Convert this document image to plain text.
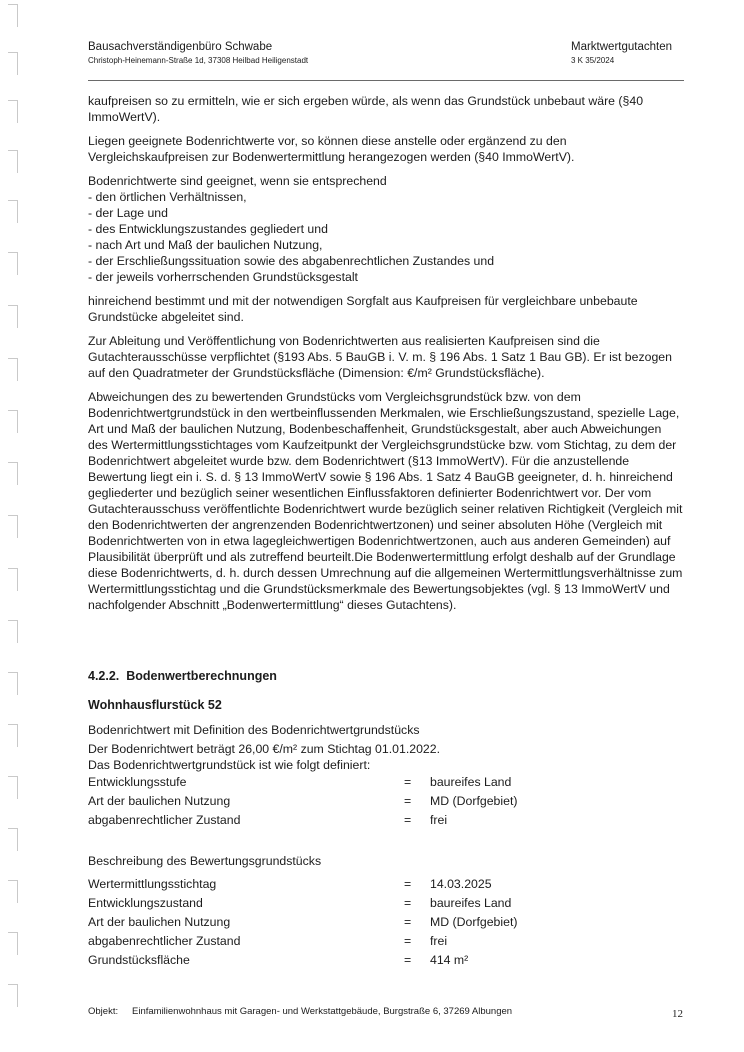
Bausachverständigenbüro Schwabe
Christoph-Heinemann-Straße 1d, 37308 Heilbad Heiligenstadt
Marktwertgutachten
3 K 35/2024

kaufpreisen so zu ermitteln, wie er sich ergeben würde, als wenn das Grundstück unbebaut wäre (§40 ImmoWertV).

Liegen geeignete Bodenrichtwerte vor, so können diese anstelle oder ergänzend zu den Vergleichskaufpreisen zur Bodenwertermittlung herangezogen werden (§40 ImmoWertV).

Bodenrichtwerte sind geeignet, wenn sie entsprechend
- den örtlichen Verhältnissen,
- der Lage und
- des Entwicklungszustandes gegliedert und
- nach Art und Maß der baulichen Nutzung,
- der Erschließungssituation sowie des abgabenrechtlichen Zustandes und
- der jeweils vorherrschenden Grundstücksgestalt

hinreichend bestimmt und mit der notwendigen Sorgfalt aus Kaufpreisen für vergleichbare unbebaute Grundstücke abgeleitet sind.

Zur Ableitung und Veröffentlichung von Bodenrichtwerten aus realisierten Kaufpreisen sind die Gutachterausschüsse verpflichtet (§193 Abs. 5 BauGB i. V. m. § 196 Abs. 1 Satz 1 Bau GB). Er ist bezogen auf den Quadratmeter der Grundstücksfläche (Dimension: €/m² Grundstücksfläche).

Abweichungen des zu bewertenden Grundstücks vom Vergleichsgrundstück bzw. von dem Bodenrichtwertgrundstück in den wertbeinflussenden Merkmalen, wie Erschließungszustand, spezielle Lage, Art und Maß der baulichen Nutzung, Bodenbeschaffenheit, Grundstücksgestalt, aber auch Abweichungen des Wertermittlungsstichtages vom Kaufzeitpunkt der Vergleichsgrundstücke bzw. vom Stichtag, zu dem der Bodenrichtwert abgeleitet wurde bzw. dem Bodenrichtwert (§13 ImmoWertV). Für die anzustellende Bewertung liegt ein i. S. d. § 13 ImmoWertV sowie § 196 Abs. 1 Satz 4 BauGB geeigneter, d. h. hinreichend gegliederter und bezüglich seiner wesentlichen Einflussfaktoren definierter Bodenrichtwert vor. Der vom Gutachterausschuss veröffentlichte Bodenrichtwert wurde bezüglich seiner relativen Richtigkeit (Vergleich mit den Bodenrichtwerten der angrenzenden Bodenrichtwertzonen) und seiner absoluten Höhe (Vergleich mit Bodenrichtwerten von in etwa lagegleichwertigen Bodenrichtwertzonen, auch aus anderen Gemeinden) auf Plausibilität überprüft und als zutreffend beurteilt.Die Bodenwertermittlung erfolgt deshalb auf der Grundlage diese Bodenrichtwerts, d. h. durch dessen Umrechnung auf die allgemeinen Wertermittlungsverhältnisse zum Wertermittlungsstichtag und die Grundstücksmerkmale des Bewertungsobjektes (vgl. § 13 ImmoWertV und nachfolgender Abschnitt „Bodenwertermittlung“ dieses Gutachtens).

4.2.2.  Bodenwertberechnungen
Wohnhausflurstück 52
Bodenrichtwert mit Definition des Bodenrichtwertgrundstücks
Der Bodenrichtwert beträgt 26,00 €/m² zum Stichtag 01.01.2022.
Das Bodenrichtwertgrundstück ist wie folgt definiert:
Entwicklungsstufe	= baureifes Land
Art der baulichen Nutzung	= MD (Dorfgebiet)
abgabenrechtlicher Zustand	= frei
Beschreibung des Bewertungsgrundstücks
Wertermittlungsstichtag	= 14.03.2025
Entwicklungszustand	= baureifes Land
Art der baulichen Nutzung	= MD (Dorfgebiet)
abgabenrechtlicher Zustand	= frei
Grundstücksfläche	= 414 m²
Objekt: Einfamilienwohnhaus mit Garagen- und Werkstattgebäude, Burgstraße 6, 37269 Albungen	12
